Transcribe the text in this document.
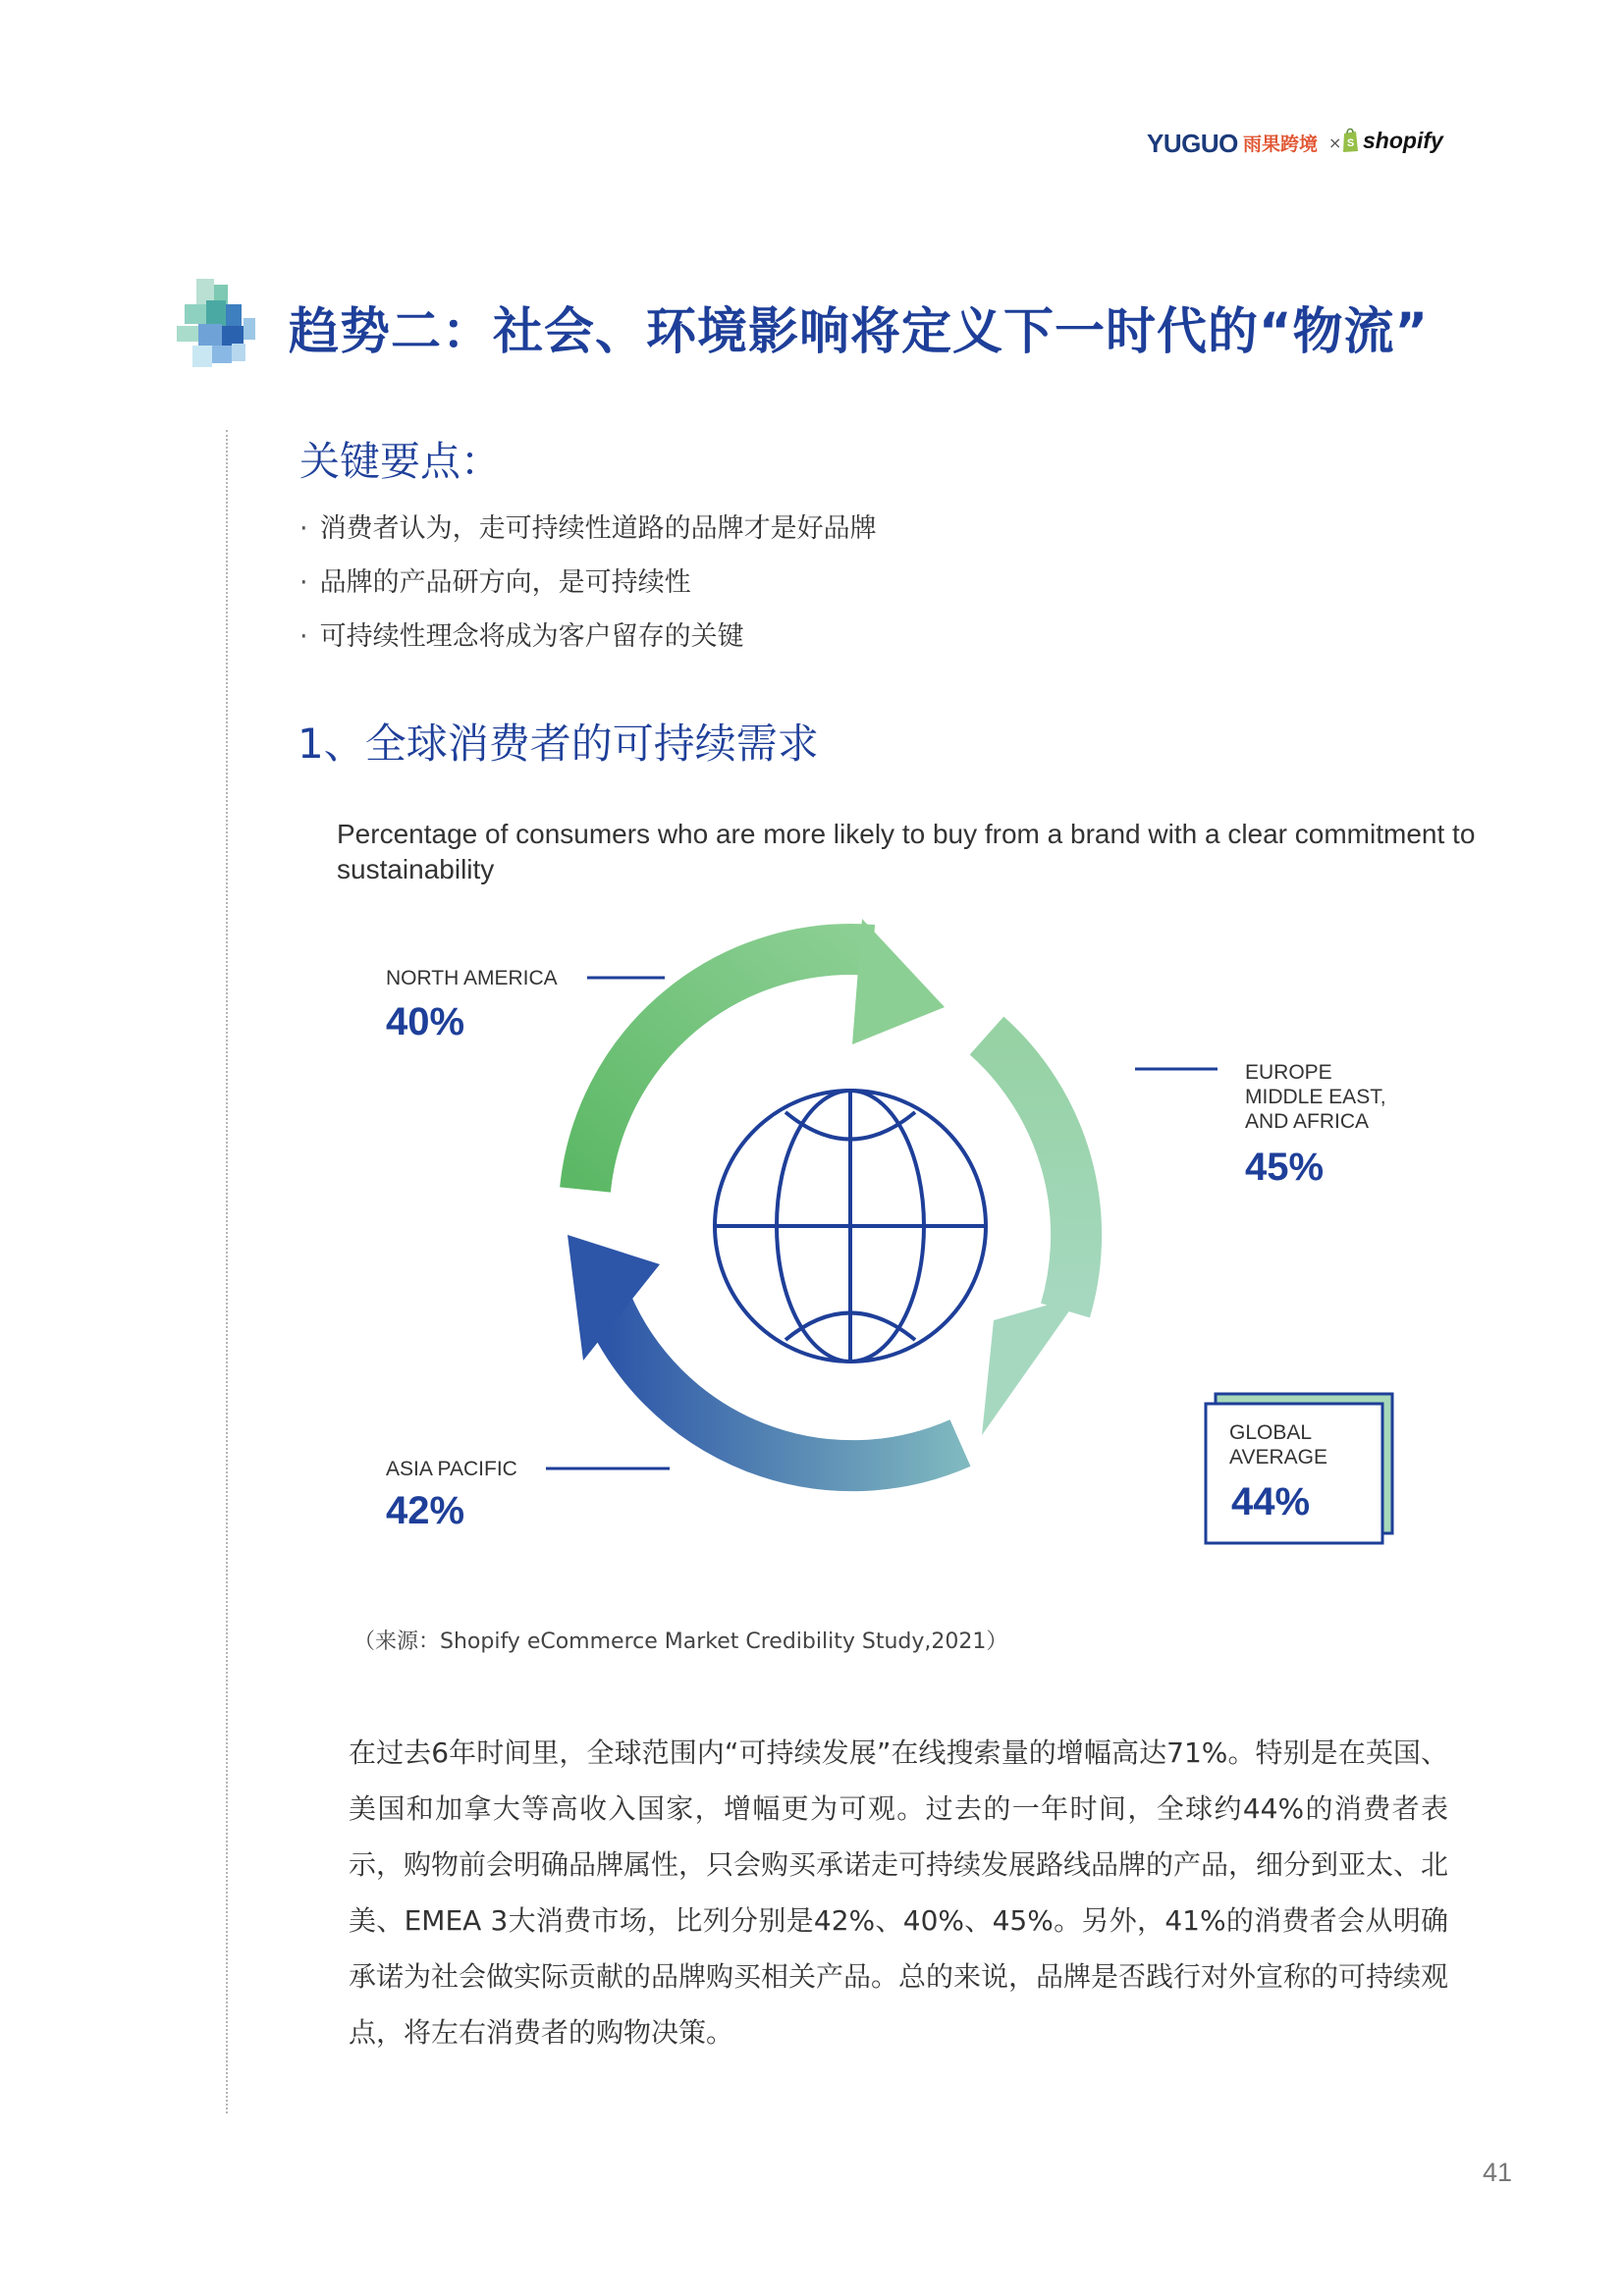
YUGUO 雨果跨境 × S shopify
趋势二：社会、环境影响将定义下一时代的“物流”
关键要点：
· 消费者认为，走可持续性道路的品牌才是好品牌
· 品牌的产品研方向，是可持续性
· 可持续性理念将成为客户留存的关键
1、全球消费者的可持续需求
Percentage of consumers who are more likely to buy from a brand with a clear commitment to sustainability
NORTH AMERICA
EUROPE
MIDDLE EAST,
AND AFRICA
ASIA PACIFIC
GLOBAL
AVERAGE
40%
45%
42%	44%
（来源：Shopify eCommerce Market Credibility Study,2021）
在过去6年时间里，全球范围内“可持续发展”在线搜索量的增幅高达71%。特别是在英国、美国和加拿大等高收入国家，增幅更为可观。过去的一年时间，全球约44%的消费者表示，购物前会明确品牌属性，只会购买承诺走可持续发展路线品牌的产品，细分到亚太、北美、EMEA 3大消费市场，比列分别是42%、40%、45%。另外，41%的消费者会从明确承诺为社会做实际贡献的品牌购买相关产品。总的来说，品牌是否践行对外宣称的可持续观点，将左右消费者的购物决策。
41
